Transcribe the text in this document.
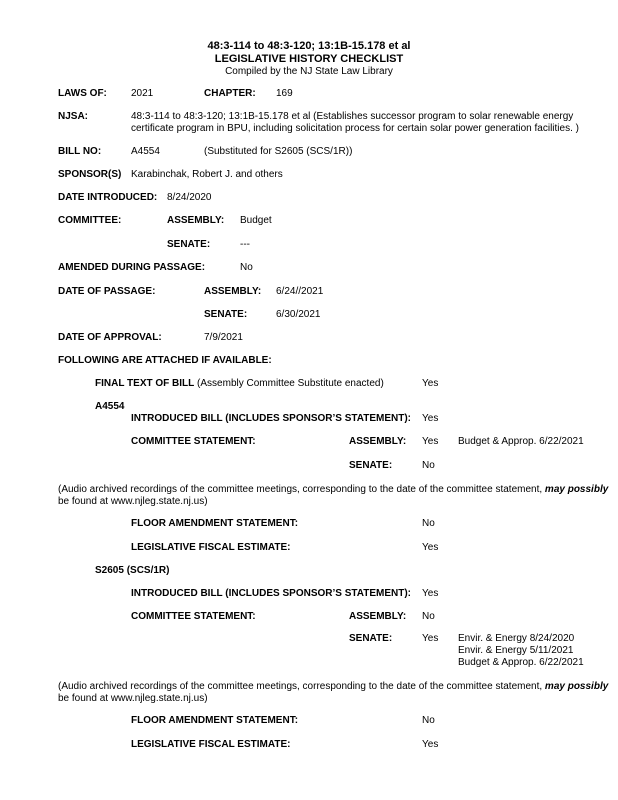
48:3-114 to 48:3-120; 13:1B-15.178 et al
LEGISLATIVE HISTORY CHECKLIST
Compiled by the NJ State Law Library
LAWS OF: 2021	CHAPTER: 169
NJSA:	48:3-114 to 48:3-120; 13:1B-15.178 et al (Establishes successor program to solar renewable energy
certificate program in BPU, including solicitation process for certain solar power generation facilities. )
BILL NO:	A4554	(Substituted for S2605 (SCS/1R))
SPONSOR(S) Karabinchak, Robert J. and others
DATE INTRODUCED: 8/24/2020
COMMITTEE:	ASSEMBLY: Budget
SENATE:	---
AMENDED DURING PASSAGE:	No
DATE OF PASSAGE:	ASSEMBLY: 6/24//2021
SENATE:	6/30/2021
DATE OF APPROVAL:	7/9/2021
FOLLOWING ARE ATTACHED IF AVAILABLE:
FINAL TEXT OF BILL (Assembly Committee Substitute enacted)	Yes
A4554
INTRODUCED BILL (INCLUDES SPONSOR’S STATEMENT): Yes
COMMITTEE STATEMENT:	ASSEMBLY: Yes Budget & Approp. 6/22/2021
SENATE:	No
(Audio archived recordings of the committee meetings, corresponding to the date of the committee statement, may possibly
be found at www.njleg.state.nj.us)
FLOOR AMENDMENT STATEMENT:	No
LEGISLATIVE FISCAL ESTIMATE:	Yes
S2605 (SCS/1R)
INTRODUCED BILL (INCLUDES SPONSOR’S STATEMENT): Yes
COMMITTEE STATEMENT:	ASSEMBLY: No
SENATE:	Yes Envir. & Energy 8/24/2020
Envir. & Energy 5/11/2021
Budget & Approp. 6/22/2021
(Audio archived recordings of the committee meetings, corresponding to the date of the committee statement, may possibly
be found at www.njleg.state.nj.us)
FLOOR AMENDMENT STATEMENT:	No
LEGISLATIVE FISCAL ESTIMATE:	Yes
